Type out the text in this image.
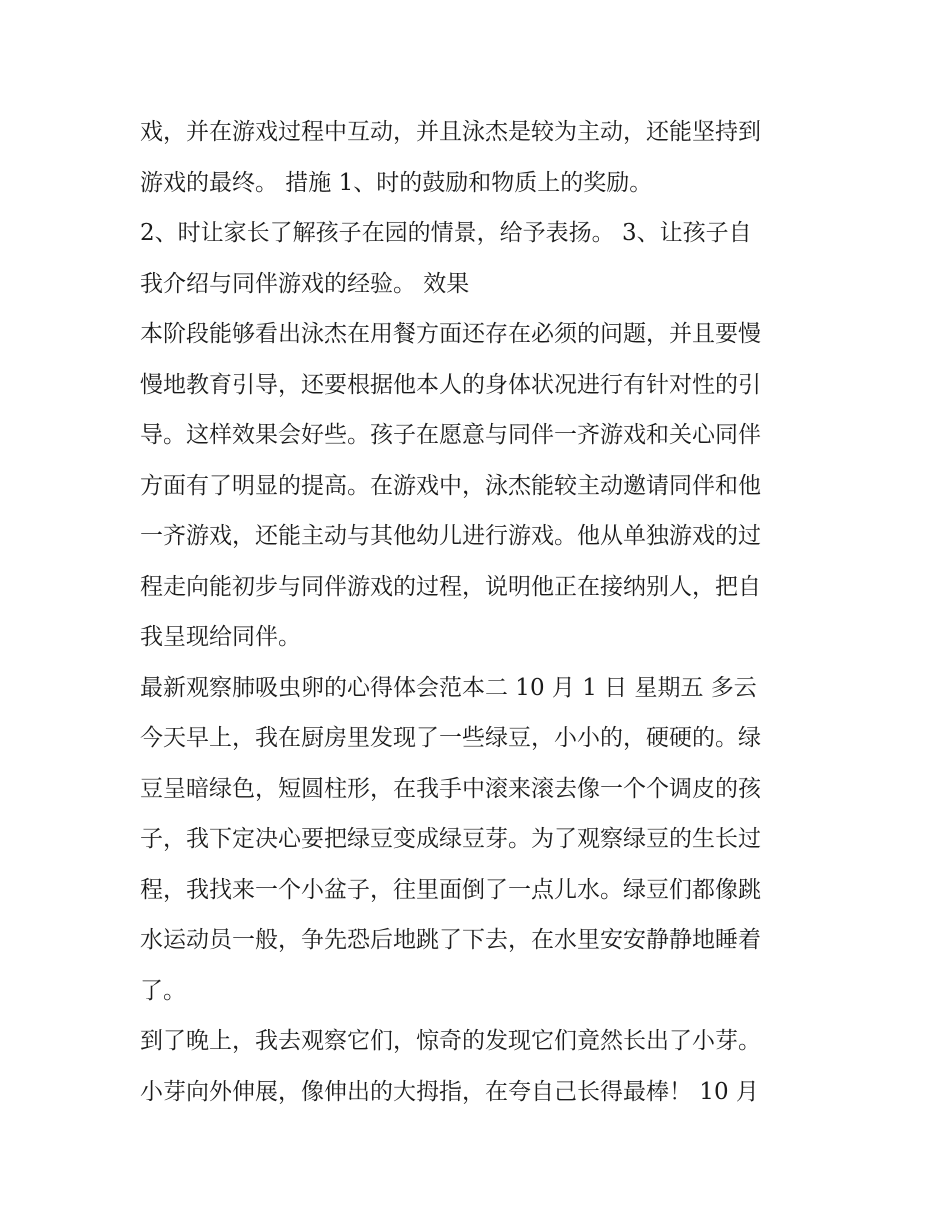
戏，并在游戏过程中互动，并且泳杰是较为主动，还能坚持到
游戏的最终。 措施 1、时的鼓励和物质上的奖励。
2、时让家长了解孩子在园的情景，给予表扬。 3、让孩子自
我介绍与同伴游戏的经验。 效果
本阶段能够看出泳杰在用餐方面还存在必须的问题，并且要慢
慢地教育引导，还要根据他本人的身体状况进行有针对性的引
导。这样效果会好些。孩子在愿意与同伴一齐游戏和关心同伴
方面有了明显的提高。在游戏中，泳杰能较主动邀请同伴和他
一齐游戏，还能主动与其他幼儿进行游戏。他从单独游戏的过
程走向能初步与同伴游戏的过程，说明他正在接纳别人，把自
我呈现给同伴。
最新观察肺吸虫卵的心得体会范本二 10 月 1 日 星期五 多云
今天早上，我在厨房里发现了一些绿豆，小小的，硬硬的。绿
豆呈暗绿色，短圆柱形，在我手中滚来滚去像一个个调皮的孩
子，我下定决心要把绿豆变成绿豆芽。为了观察绿豆的生长过
程，我找来一个小盆子，往里面倒了一点儿水。绿豆们都像跳
水运动员一般，争先恐后地跳了下去，在水里安安静静地睡着
了。
到了晚上，我去观察它们，惊奇的发现它们竟然长出了小芽。
小芽向外伸展，像伸出的大拇指，在夸自己长得最棒！ 10 月
